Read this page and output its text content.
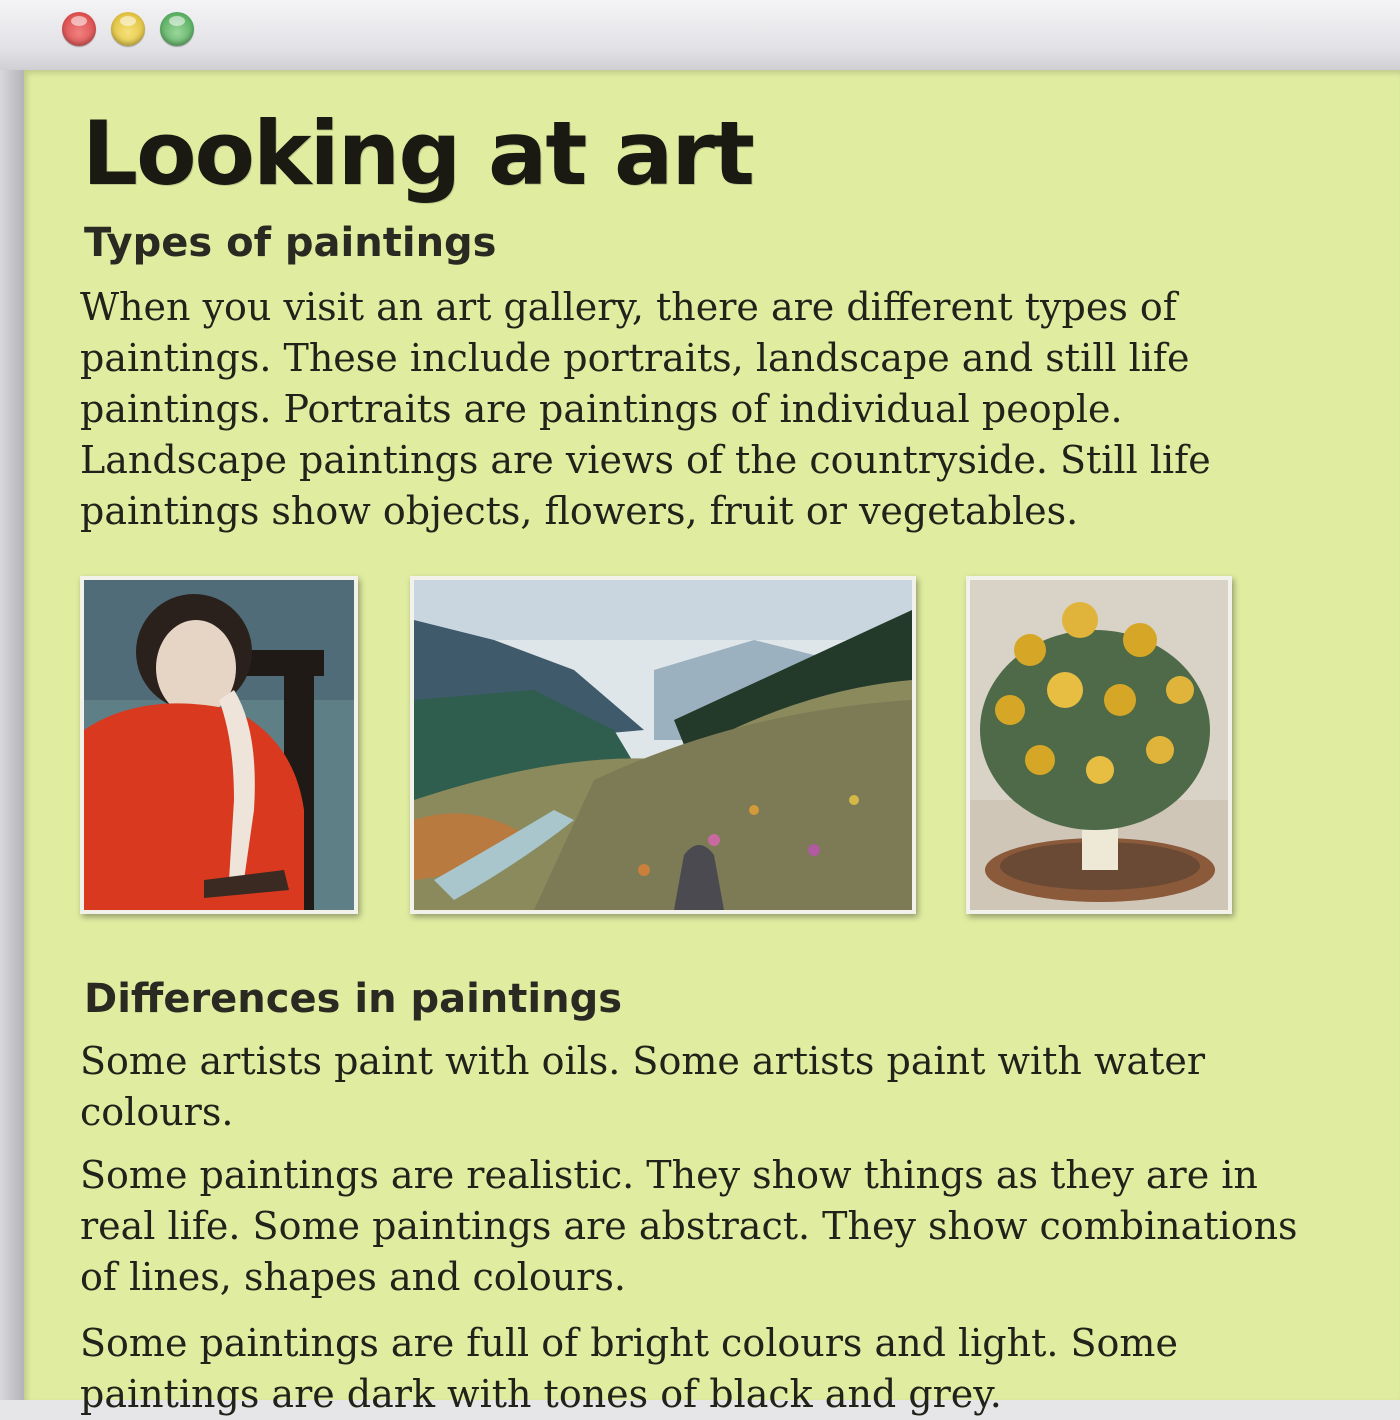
Looking at art
Types of paintings

When you visit an art gallery, there are different types of paintings. These include portraits, landscape and still life paintings. Portraits are paintings of individual people. Landscape paintings are views of the countryside. Still life paintings show objects, flowers, fruit or vegetables.

Differences in paintings

Some artists paint with oils. Some artists paint with water colours.

Some paintings are realistic. They show things as they are in real life. Some paintings are abstract. They show combinations of lines, shapes and colours.

Some paintings are full of bright colours and light. Some paintings are dark with tones of black and grey.
